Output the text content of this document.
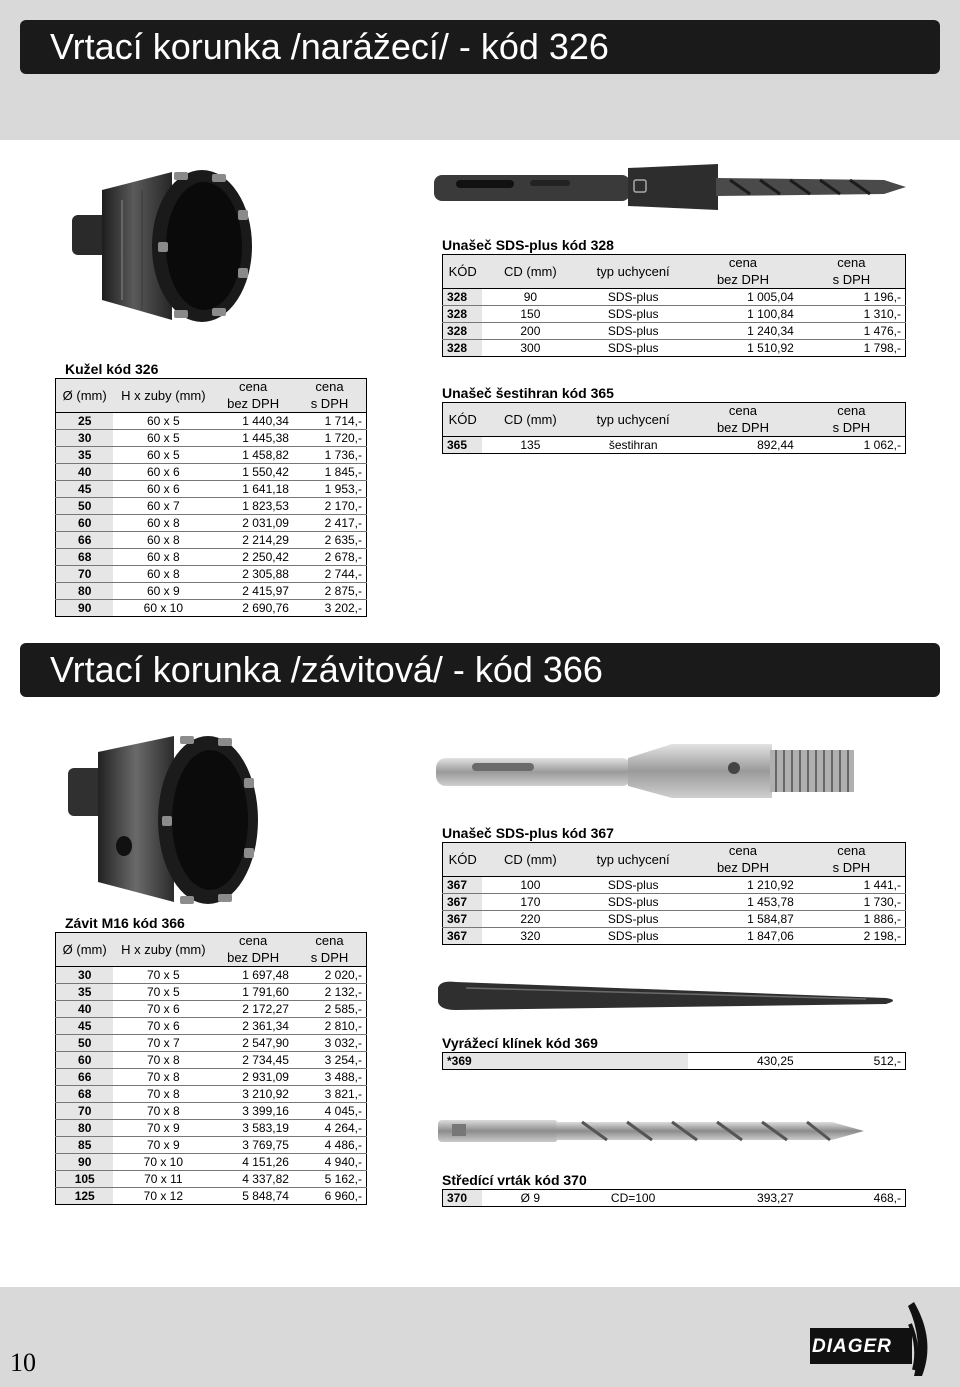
Vrtací korunka /narážecí/ - kód 326
Vrtací korunka /závitová/ - kód 366
Kužel kód 326
Ø (mm)	H x zuby (mm)	cena	cena
		bez DPH	s DPH
25	60 x 5	1 440,34	1 714,-
30	60 x 5	1 445,38	1 720,-
35	60 x 5	1 458,82	1 736,-
40	60 x 6	1 550,42	1 845,-
45	60 x 6	1 641,18	1 953,-
50	60 x 7	1 823,53	2 170,-
60	60 x 8	2 031,09	2 417,-
66	60 x 8	2 214,29	2 635,-
68	60 x 8	2 250,42	2 678,-
70	60 x 8	2 305,88	2 744,-
80	60 x 9	2 415,97	2 875,-
90	60 x 10	2 690,76	3 202,-
Unašeč SDS-plus kód 328
KÓD	CD (mm)	typ uchycení	cena	cena
			bez DPH	s DPH
328	90	SDS-plus	1 005,04	1 196,-
328	150	SDS-plus	1 100,84	1 310,-
328	200	SDS-plus	1 240,34	1 476,-
328	300	SDS-plus	1 510,92	1 798,-
Unašeč šestihran kód 365
KÓD	CD (mm)	typ uchycení	cena	cena
			bez DPH	s DPH
365	135	šestihran	892,44	1 062,-
Závit M16 kód 366
Ø (mm)	H x zuby (mm)	cena	cena
		bez DPH	s DPH
30	70 x 5	1 697,48	2 020,-
35	70 x 5	1 791,60	2 132,-
40	70 x 6	2 172,27	2 585,-
45	70 x 6	2 361,34	2 810,-
50	70 x 7	2 547,90	3 032,-
60	70 x 8	2 734,45	3 254,-
66	70 x 8	2 931,09	3 488,-
68	70 x 8	3 210,92	3 821,-
70	70 x 8	3 399,16	4 045,-
80	70 x 9	3 583,19	4 264,-
85	70 x 9	3 769,75	4 486,-
90	70 x 10	4 151,26	4 940,-
105	70 x 11	4 337,82	5 162,-
125	70 x 12	5 848,74	6 960,-
Unašeč SDS-plus kód 367
KÓD	CD (mm)	typ uchycení	cena	cena
			bez DPH	s DPH
367	100	SDS-plus	1 210,92	1 441,-
367	170	SDS-plus	1 453,78	1 730,-
367	220	SDS-plus	1 584,87	1 886,-
367	320	SDS-plus	1 847,06	2 198,-
Vyrážecí klínek kód 369
*369	430,25	512,-
Středící vrták kód 370
370	Ø 9	CD=100	393,27	468,-
10
DIAGER
